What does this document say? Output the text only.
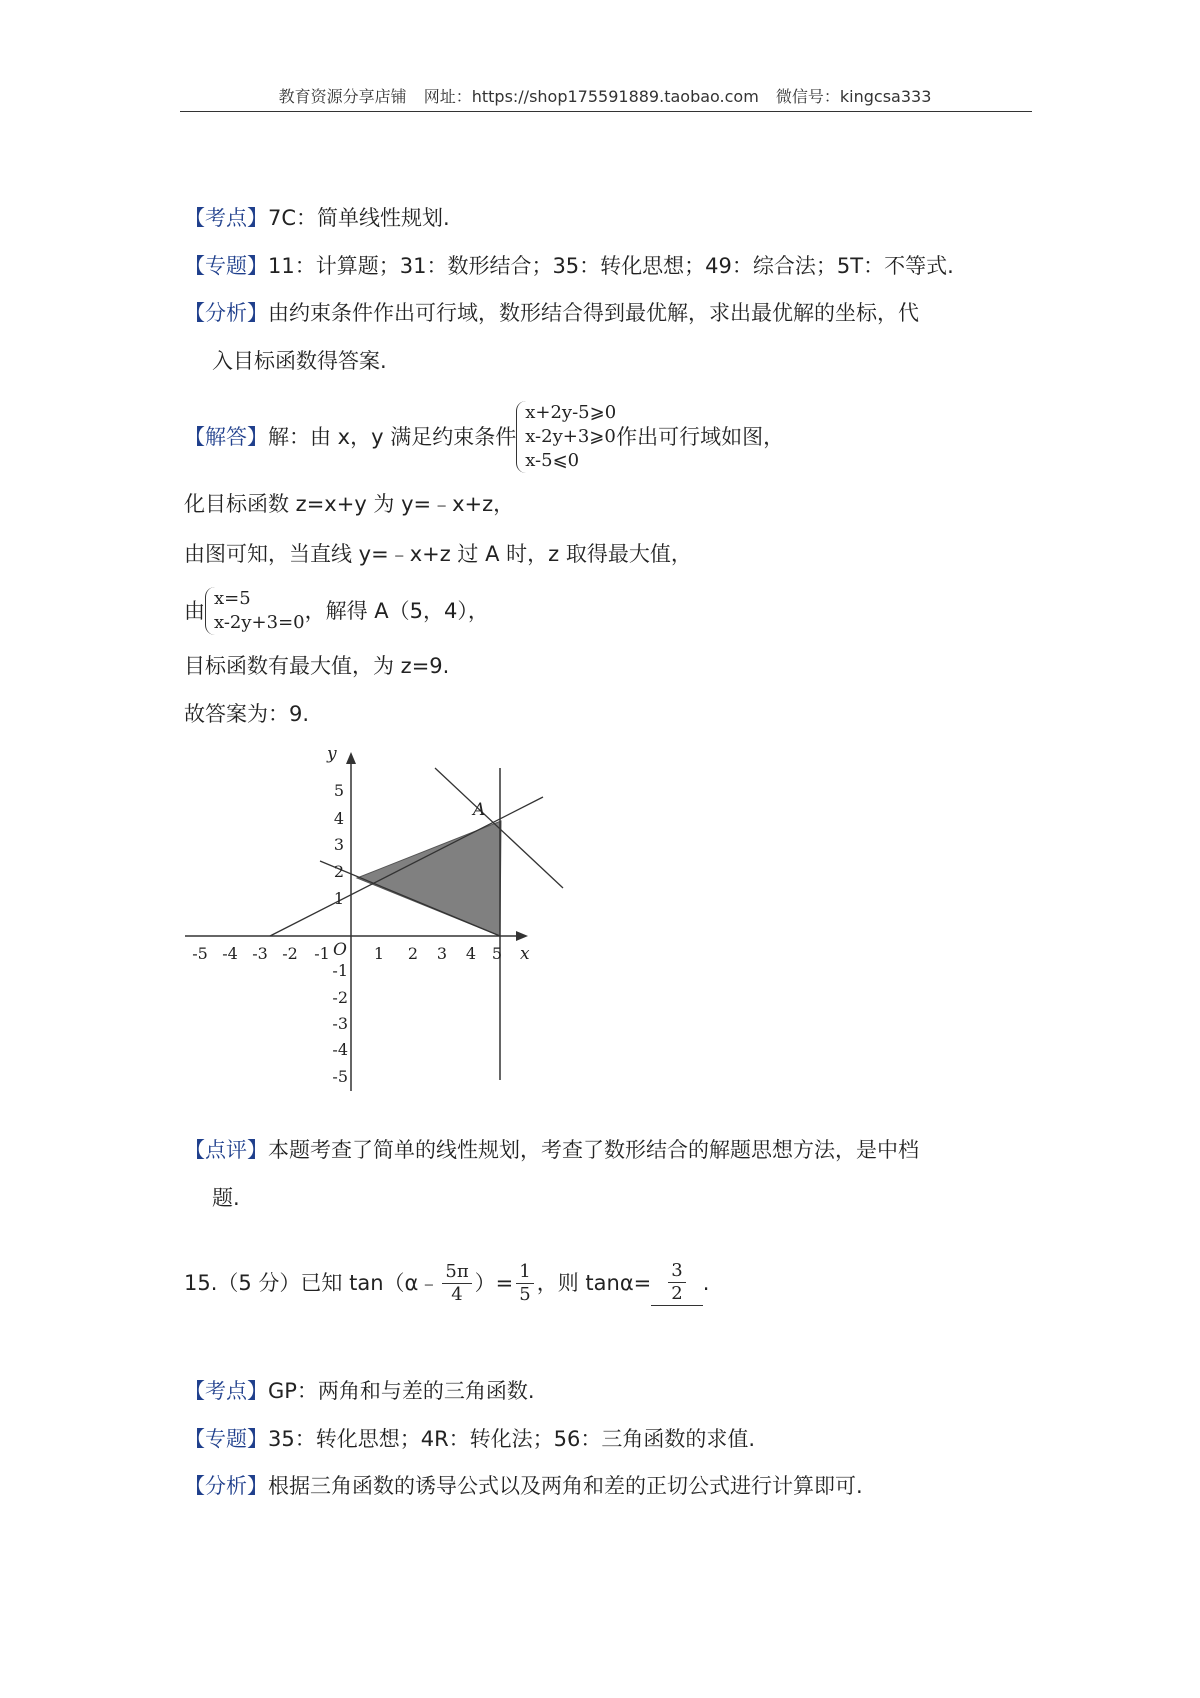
教育资源分享店铺 网址：https://shop175591889.taobao.com 微信号：kingcsa333
【考点】7C：简单线性规划.
【专题】11：计算题；31：数形结合；35：转化思想；49：综合法；5T：不等式.
【分析】由约束条件作出可行域，数形结合得到最优解，求出最优解的坐标，代
入目标函数得答案.
【解答】 解：由 x，y 满足约束条件
x+2y-5⩾0
x-2y+3⩾0
x-5⩽0
作出可行域如图，
化目标函数 z=x+y 为 y=﹣x+z，
由图可知，当直线 y=﹣x+z 过 A 时，z 取得最大值，
由
x=5
x-2y+3=0 ，解得 A（5，4），
目标函数有最大值，为 z=9.
故答案为：9.
-5 -4 -3 -2 -1	1 2 3 4 5 x
O
5
4
3
2
1
-1
-2
-3
-4
-5
y
A
【点评】本题考查了简单的线性规划，考查了数形结合的解题思想方法，是中档
题.
15.（5 分）已知 tan（α﹣ $\frac{5\pi}{4}$ ）= $\frac{1}{5}$ ，则 $\tan\alpha= \frac{3}{2}$ .
【考点】GP：两角和与差的三角函数.
【专题】35：转化思想；4R：转化法；56：三角函数的求值.
【分析】根据三角函数的诱导公式以及两角和差的正切公式进行计算即可.
